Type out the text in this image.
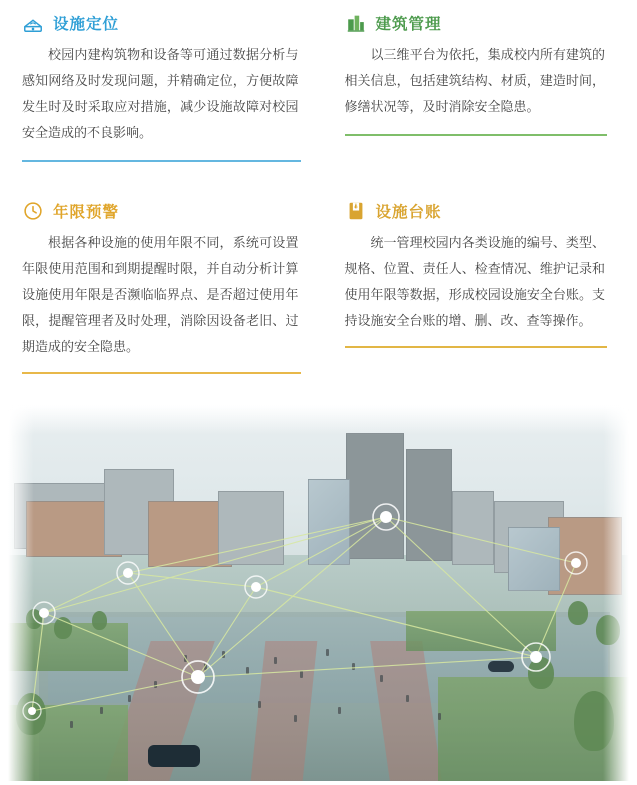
设施定位
校园内建构筑物和设备等可通过数据分析与感知网络及时发现问题，并精确定位，方便故障发生时及时采取应对措施，减少设施故障对校园安全造成的不良影响。
建筑管理
以三维平台为依托，集成校内所有建筑的相关信息，包括建筑结构、材质，建造时间，修缮状况等，及时消除安全隐患。
年限预警
根据各种设施的使用年限不同，系统可设置年限使用范围和到期提醒时限，并自动分析计算设施使用年限是否濒临临界点、是否超过使用年限，提醒管理者及时处理，消除因设备老旧、过期造成的安全隐患。
设施台账
统一管理校园内各类设施的编号、类型、规格、位置、责任人、检查情况、维护记录和使用年限等数据，形成校园设施安全台账。支持设施安全台账的增、删、改、查等操作。
